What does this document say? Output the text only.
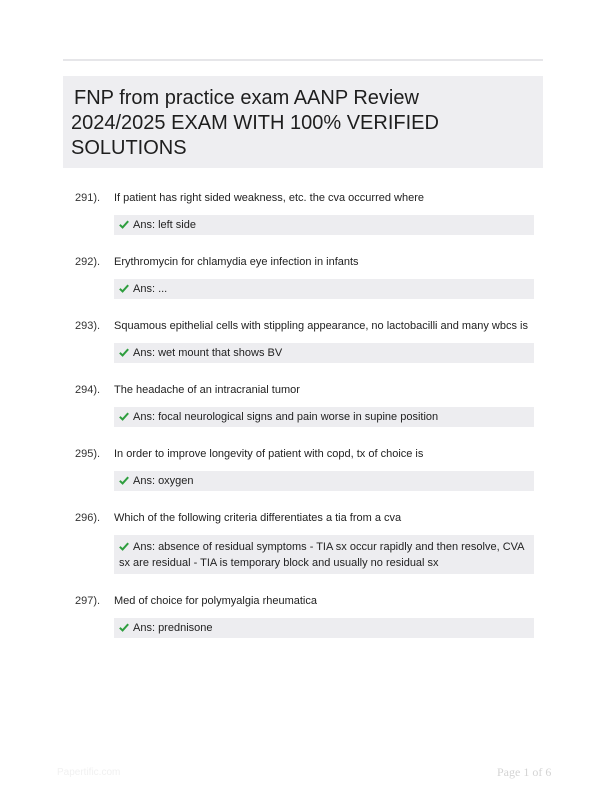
FNP from practice exam AANP Review
2024/2025 EXAM WITH 100% VERIFIED
SOLUTIONS
291).	If patient has right sided weakness, etc. the cva occurred where
Ans: left side
292).	Erythromycin for chlamydia eye infection in infants
Ans: ...
293).	Squamous epithelial cells with stippling appearance, no lactobacilli and many wbcs is
Ans: wet mount that shows BV
294).	The headache of an intracranial tumor
Ans: focal neurological signs and pain worse in supine position
295).	In order to improve longevity of patient with copd, tx of choice is
Ans: oxygen
296).	Which of the following criteria differentiates a tia from a cva
Ans: absence of residual symptoms - TIA sx occur rapidly and then resolve, CVA sx are residual - TIA is temporary block and usually no residual sx
297).	Med of choice for polymyalgia rheumatica
Ans: prednisone
Papertific.com	Page 1 of 6
